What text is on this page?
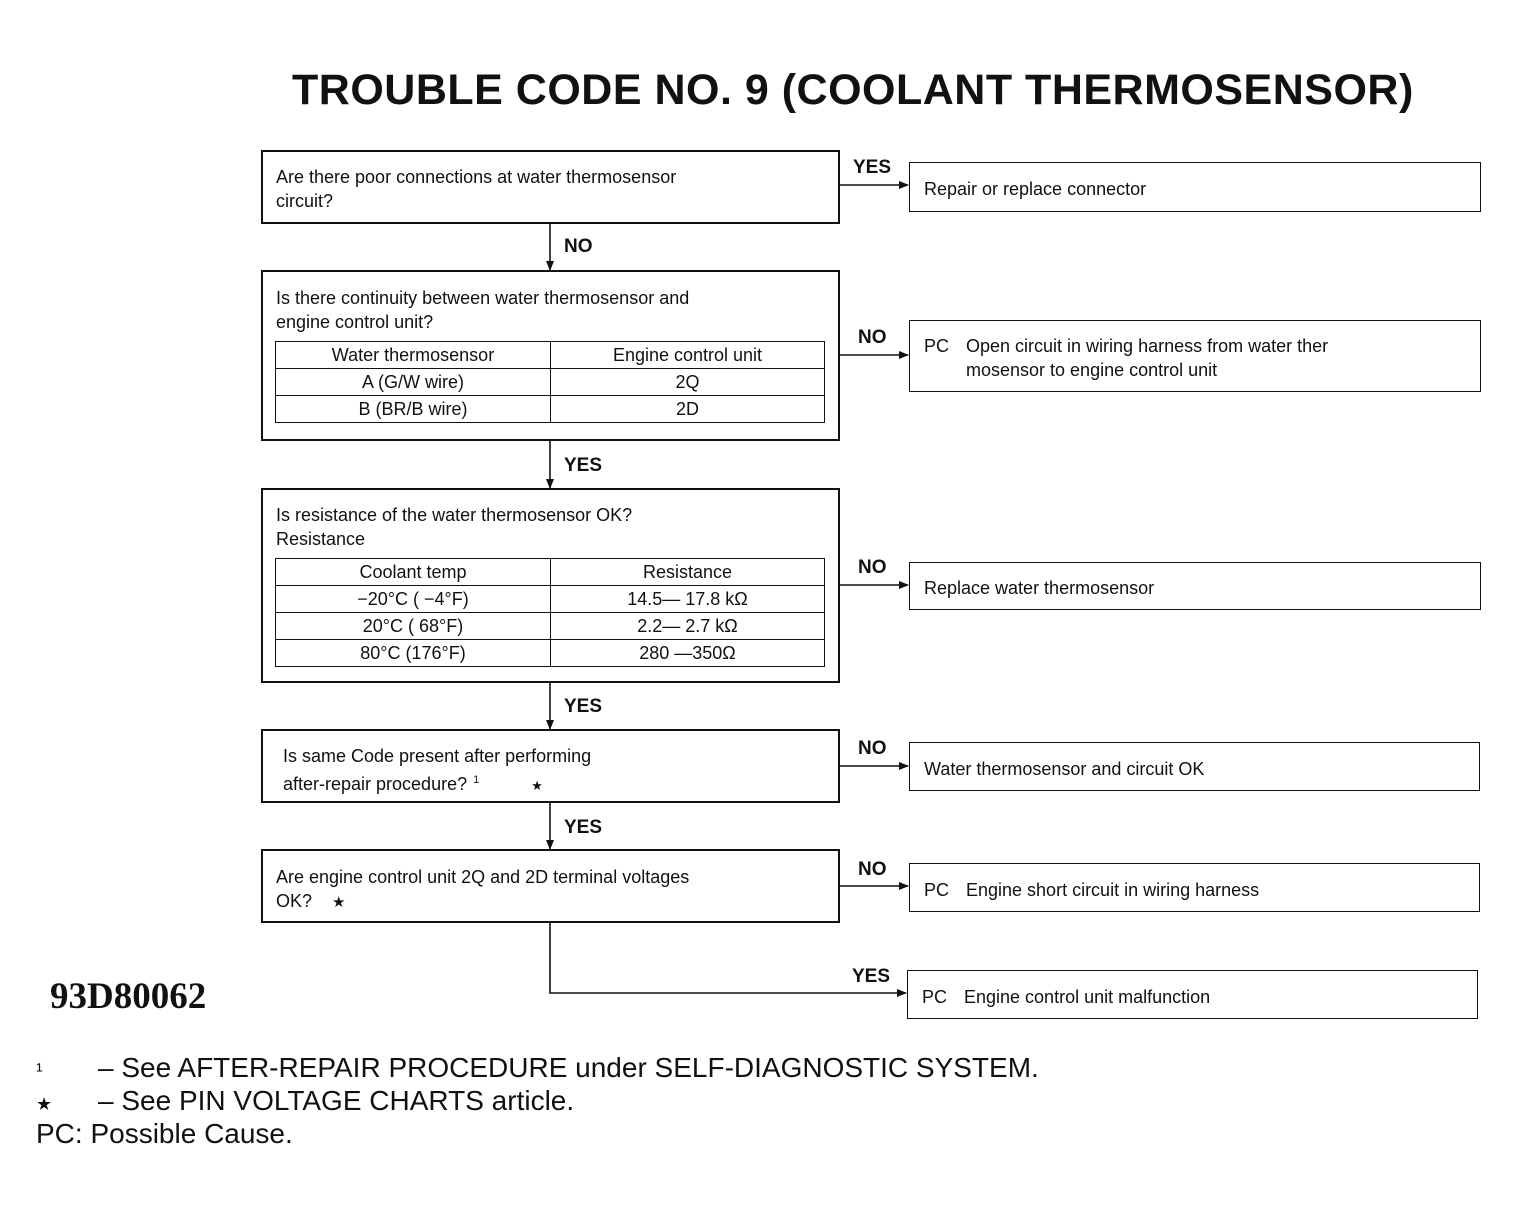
TROUBLE CODE NO. 9 (COOLANT THERMOSENSOR)
Are there poor connections at water thermosensor
circuit?
YES
Repair or replace connector
NO
Is there continuity between water thermosensor and
engine control unit?
Water thermosensor	Engine control unit
A (G/W wire)	2Q
B (BR/B wire)	2D
NO PC Open circuit in wiring harness from water ther
mosensor to engine control unit
YES
Is resistance of the water thermosensor OK?
Resistance
Coolant temp	Resistance
−20°C ( −4°F)	14.5— 17.8 kΩ
20°C ( 68°F)	2.2— 2.7 kΩ
80°C (176°F)	280 —350Ω
NO
Replace water thermosensor
YES
Is same Code present after performing
after-repair procedure? $^1$	★
NO
Water thermosensor and circuit OK
YES
Are engine control unit 2Q and 2D terminal voltages
OK? ★
NO
PC Engine short circuit in wiring harness
YES
PC Engine control unit malfunction
93D80062
¹ – See AFTER-REPAIR PROCEDURE under SELF-DIAGNOSTIC SYSTEM.
★ – See PIN VOLTAGE CHARTS article.
PC: Possible Cause.
